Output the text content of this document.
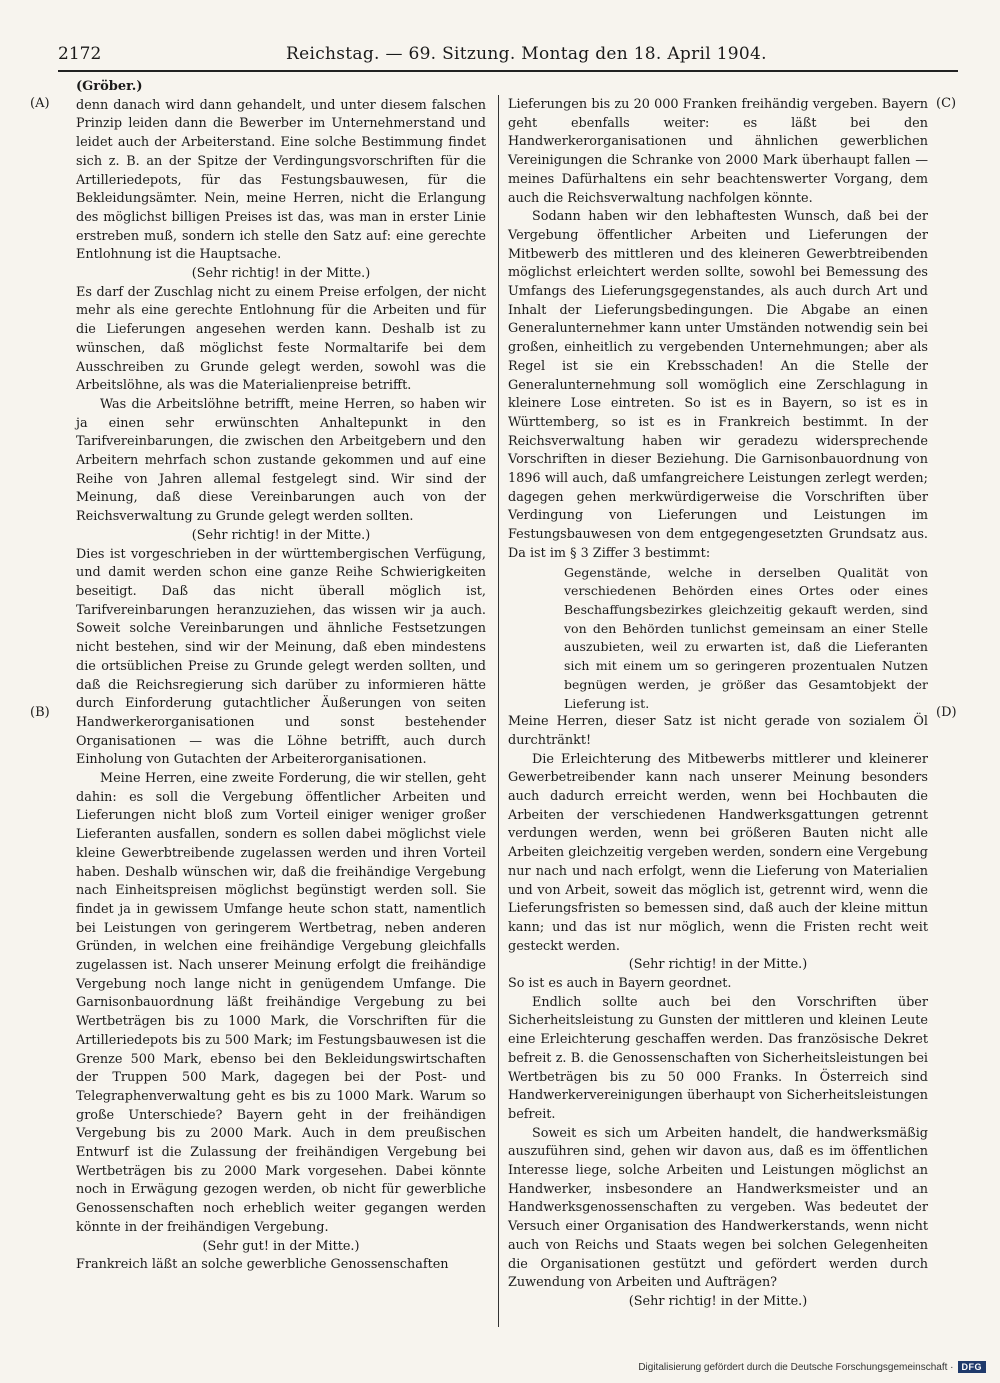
2172	Reichstag. — 69. Sitzung. Montag den 18. April 1904.
(A)
(B)
(C)
(D)

(Gröber.)

denn danach wird dann gehandelt, und unter diesem falschen Prinzip leiden dann die Bewerber im Unternehmerstand und leidet auch der Arbeiterstand. Eine solche Bestimmung findet sich z. B. an der Spitze der Verdingungsvorschriften für die Artilleriedepots, für das Festungsbauwesen, für die Bekleidungsämter. Nein, meine Herren, nicht die Erlangung des möglichst billigen Preises ist das, was man in erster Linie erstreben muß, sondern ich stelle den Satz auf: eine gerechte Entlohnung ist die Hauptsache.

(Sehr richtig! in der Mitte.)

Es darf der Zuschlag nicht zu einem Preise erfolgen, der nicht mehr als eine gerechte Entlohnung für die Arbeiten und für die Lieferungen angesehen werden kann. Deshalb ist zu wünschen, daß möglichst feste Normaltarife bei dem Ausschreiben zu Grunde gelegt werden, sowohl was die Arbeitslöhne, als was die Materialienpreise betrifft.

Was die Arbeitslöhne betrifft, meine Herren, so haben wir ja einen sehr erwünschten Anhaltepunkt in den Tarifvereinbarungen, die zwischen den Arbeitgebern und den Arbeitern mehrfach schon zustande gekommen und auf eine Reihe von Jahren allemal festgelegt sind. Wir sind der Meinung, daß diese Vereinbarungen auch von der Reichsverwaltung zu Grunde gelegt werden sollten.

(Sehr richtig! in der Mitte.)

Dies ist vorgeschrieben in der württembergischen Verfügung, und damit werden schon eine ganze Reihe Schwierigkeiten beseitigt. Daß das nicht überall möglich ist, Tarifvereinbarungen heranzuziehen, das wissen wir ja auch. Soweit solche Vereinbarungen und ähnliche Festsetzungen nicht bestehen, sind wir der Meinung, daß eben mindestens die ortsüblichen Preise zu Grunde gelegt werden sollten, und daß die Reichsregierung sich darüber zu informieren hätte durch Einforderung gutachtlicher Äußerungen von seiten Handwerkerorganisationen und sonst bestehender Organisationen — was die Löhne betrifft, auch durch Einholung von Gutachten der Arbeiterorganisationen.

Meine Herren, eine zweite Forderung, die wir stellen, geht dahin: es soll die Vergebung öffentlicher Arbeiten und Lieferungen nicht bloß zum Vorteil einiger weniger großer Lieferanten ausfallen, sondern es sollen dabei möglichst viele kleine Gewerbtreibende zugelassen werden und ihren Vorteil haben. Deshalb wünschen wir, daß die freihändige Vergebung nach Einheitspreisen möglichst begünstigt werden soll. Sie findet ja in gewissem Umfange heute schon statt, namentlich bei Leistungen von geringerem Wertbetrag, neben anderen Gründen, in welchen eine freihändige Vergebung gleichfalls zugelassen ist. Nach unserer Meinung erfolgt die freihändige Vergebung noch lange nicht in genügendem Umfange. Die Garnisonbauordnung läßt freihändige Vergebung zu bei Wertbeträgen bis zu 1000 Mark, die Vorschriften für die Artilleriedepots bis zu 500 Mark; im Festungsbauwesen ist die Grenze 500 Mark, ebenso bei den Bekleidungswirtschaften der Truppen 500 Mark, dagegen bei der Post- und Telegraphenverwaltung geht es bis zu 1000 Mark. Warum so große Unterschiede? Bayern geht in der freihändigen Vergebung bis zu 2000 Mark. Auch in dem preußischen Entwurf ist die Zulassung der freihändigen Vergebung bei Wertbeträgen bis zu 2000 Mark vorgesehen. Dabei könnte noch in Erwägung gezogen werden, ob nicht für gewerbliche Genossenschaften noch erheblich weiter gegangen werden könnte in der freihändigen Vergebung.

(Sehr gut! in der Mitte.)

Frankreich läßt an solche gewerbliche Genossenschaften

Lieferungen bis zu 20 000 Franken freihändig vergeben. Bayern geht ebenfalls weiter: es läßt bei den Handwerkerorganisationen und ähnlichen gewerblichen Vereinigungen die Schranke von 2000 Mark überhaupt fallen — meines Dafürhaltens ein sehr beachtenswerter Vorgang, dem auch die Reichsverwaltung nachfolgen könnte.

Sodann haben wir den lebhaftesten Wunsch, daß bei der Vergebung öffentlicher Arbeiten und Lieferungen der Mitbewerb des mittleren und des kleineren Gewerbtreibenden möglichst erleichtert werden sollte, sowohl bei Bemessung des Umfangs des Lieferungsgegenstandes, als auch durch Art und Inhalt der Lieferungsbedingungen. Die Abgabe an einen Generalunternehmer kann unter Umständen notwendig sein bei großen, einheitlich zu vergebenden Unternehmungen; aber als Regel ist sie ein Krebsschaden! An die Stelle der Generalunternehmung soll womöglich eine Zerschlagung in kleinere Lose eintreten. So ist es in Bayern, so ist es in Württemberg, so ist es in Frankreich bestimmt. In der Reichsverwaltung haben wir geradezu widersprechende Vorschriften in dieser Beziehung. Die Garnisonbauordnung von 1896 will auch, daß umfangreichere Leistungen zerlegt werden; dagegen gehen merkwürdigerweise die Vorschriften über Verdingung von Lieferungen und Leistungen im Festungsbauwesen von dem entgegengesetzten Grundsatz aus. Da ist im § 3 Ziffer 3 bestimmt:

Gegenstände, welche in derselben Qualität von verschiedenen Behörden eines Ortes oder eines Beschaffungsbezirkes gleichzeitig gekauft werden, sind von den Behörden tunlichst gemeinsam an einer Stelle auszubieten, weil zu erwarten ist, daß die Lieferanten sich mit einem um so geringeren prozentualen Nutzen begnügen werden, je größer das Gesamtobjekt der Lieferung ist.

Meine Herren, dieser Satz ist nicht gerade von sozialem Öl durchtränkt!

Die Erleichterung des Mitbewerbs mittlerer und kleinerer Gewerbetreibender kann nach unserer Meinung besonders auch dadurch erreicht werden, wenn bei Hochbauten die Arbeiten der verschiedenen Handwerksgattungen getrennt verdungen werden, wenn bei größeren Bauten nicht alle Arbeiten gleichzeitig vergeben werden, sondern eine Vergebung nur nach und nach erfolgt, wenn die Lieferung von Materialien und von Arbeit, soweit das möglich ist, getrennt wird, wenn die Lieferungsfristen so bemessen sind, daß auch der kleine mittun kann; und das ist nur möglich, wenn die Fristen recht weit gesteckt werden.

(Sehr richtig! in der Mitte.)

So ist es auch in Bayern geordnet.

Endlich sollte auch bei den Vorschriften über Sicherheitsleistung zu Gunsten der mittleren und kleinen Leute eine Erleichterung geschaffen werden. Das französische Dekret befreit z. B. die Genossenschaften von Sicherheitsleistungen bei Wertbeträgen bis zu 50 000 Franks. In Österreich sind Handwerkervereinigungen überhaupt von Sicherheitsleistungen befreit.

Soweit es sich um Arbeiten handelt, die handwerksmäßig auszuführen sind, gehen wir davon aus, daß es im öffentlichen Interesse liege, solche Arbeiten und Leistungen möglichst an Handwerker, insbesondere an Handwerksmeister und an Handwerksgenossenschaften zu vergeben. Was bedeutet der Versuch einer Organisation des Handwerkerstands, wenn nicht auch von Reichs und Staats wegen bei solchen Gelegenheiten die Organisationen gestützt und gefördert werden durch Zuwendung von Arbeiten und Aufträgen?

(Sehr richtig! in der Mitte.)

Digitalisierung gefördert durch die Deutsche Forschungsgemeinschaft · DFG
